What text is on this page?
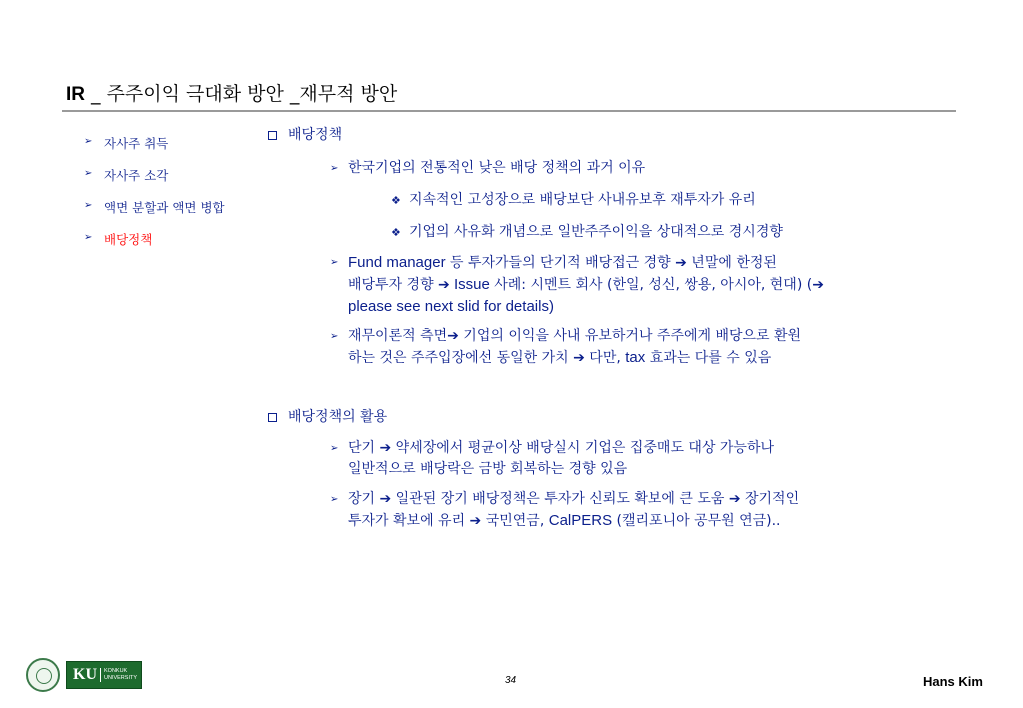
IR _ 주주이익 극대화 방안 _재무적 방안
➢ 자사주 취득
➢ 자사주 소각
➢ 액면 분할과 액면 병합
➢ 배당정책
배당정책
➢ 한국기업의 전통적인 낮은 배당 정책의 과거 이유
❖ 지속적인 고성장으로 배당보단 사내유보후 재투자가 유리
❖ 기업의 사유화 개념으로 일반주주이익을 상대적으로 경시경향
➢ Fund manager 등 투자가들의 단기적 배당접근 경향 ➔ 년말에 한정된
배당투자 경향 ➔ Issue 사례: 시멘트 회사 (한일, 성신, 쌍용, 아시아, 현대) (➔
please see next slid for details)
➢ 재무이론적 측면➔ 기업의 이익을 사내 유보하거나 주주에게 배당으로 환원
하는 것은 주주입장에선 동일한 가치 ➔ 다만, tax 효과는 다를 수 있음
배당정책의 활용
➢ 단기 ➔ 약세장에서 평균이상 배당실시 기업은 집중매도 대상 가능하나
일반적으로 배당락은 금방 회복하는 경향 있음
➢ 장기 ➔ 일관된 장기 배당정책은 투자가 신뢰도 확보에 큰 도움 ➔ 장기적인
투자가 확보에 유리 ➔ 국민연금, CalPERS (캘리포니아 공무원 연금)..
KU	KONKUK
UNIVERSITY	34	Hans Kim
